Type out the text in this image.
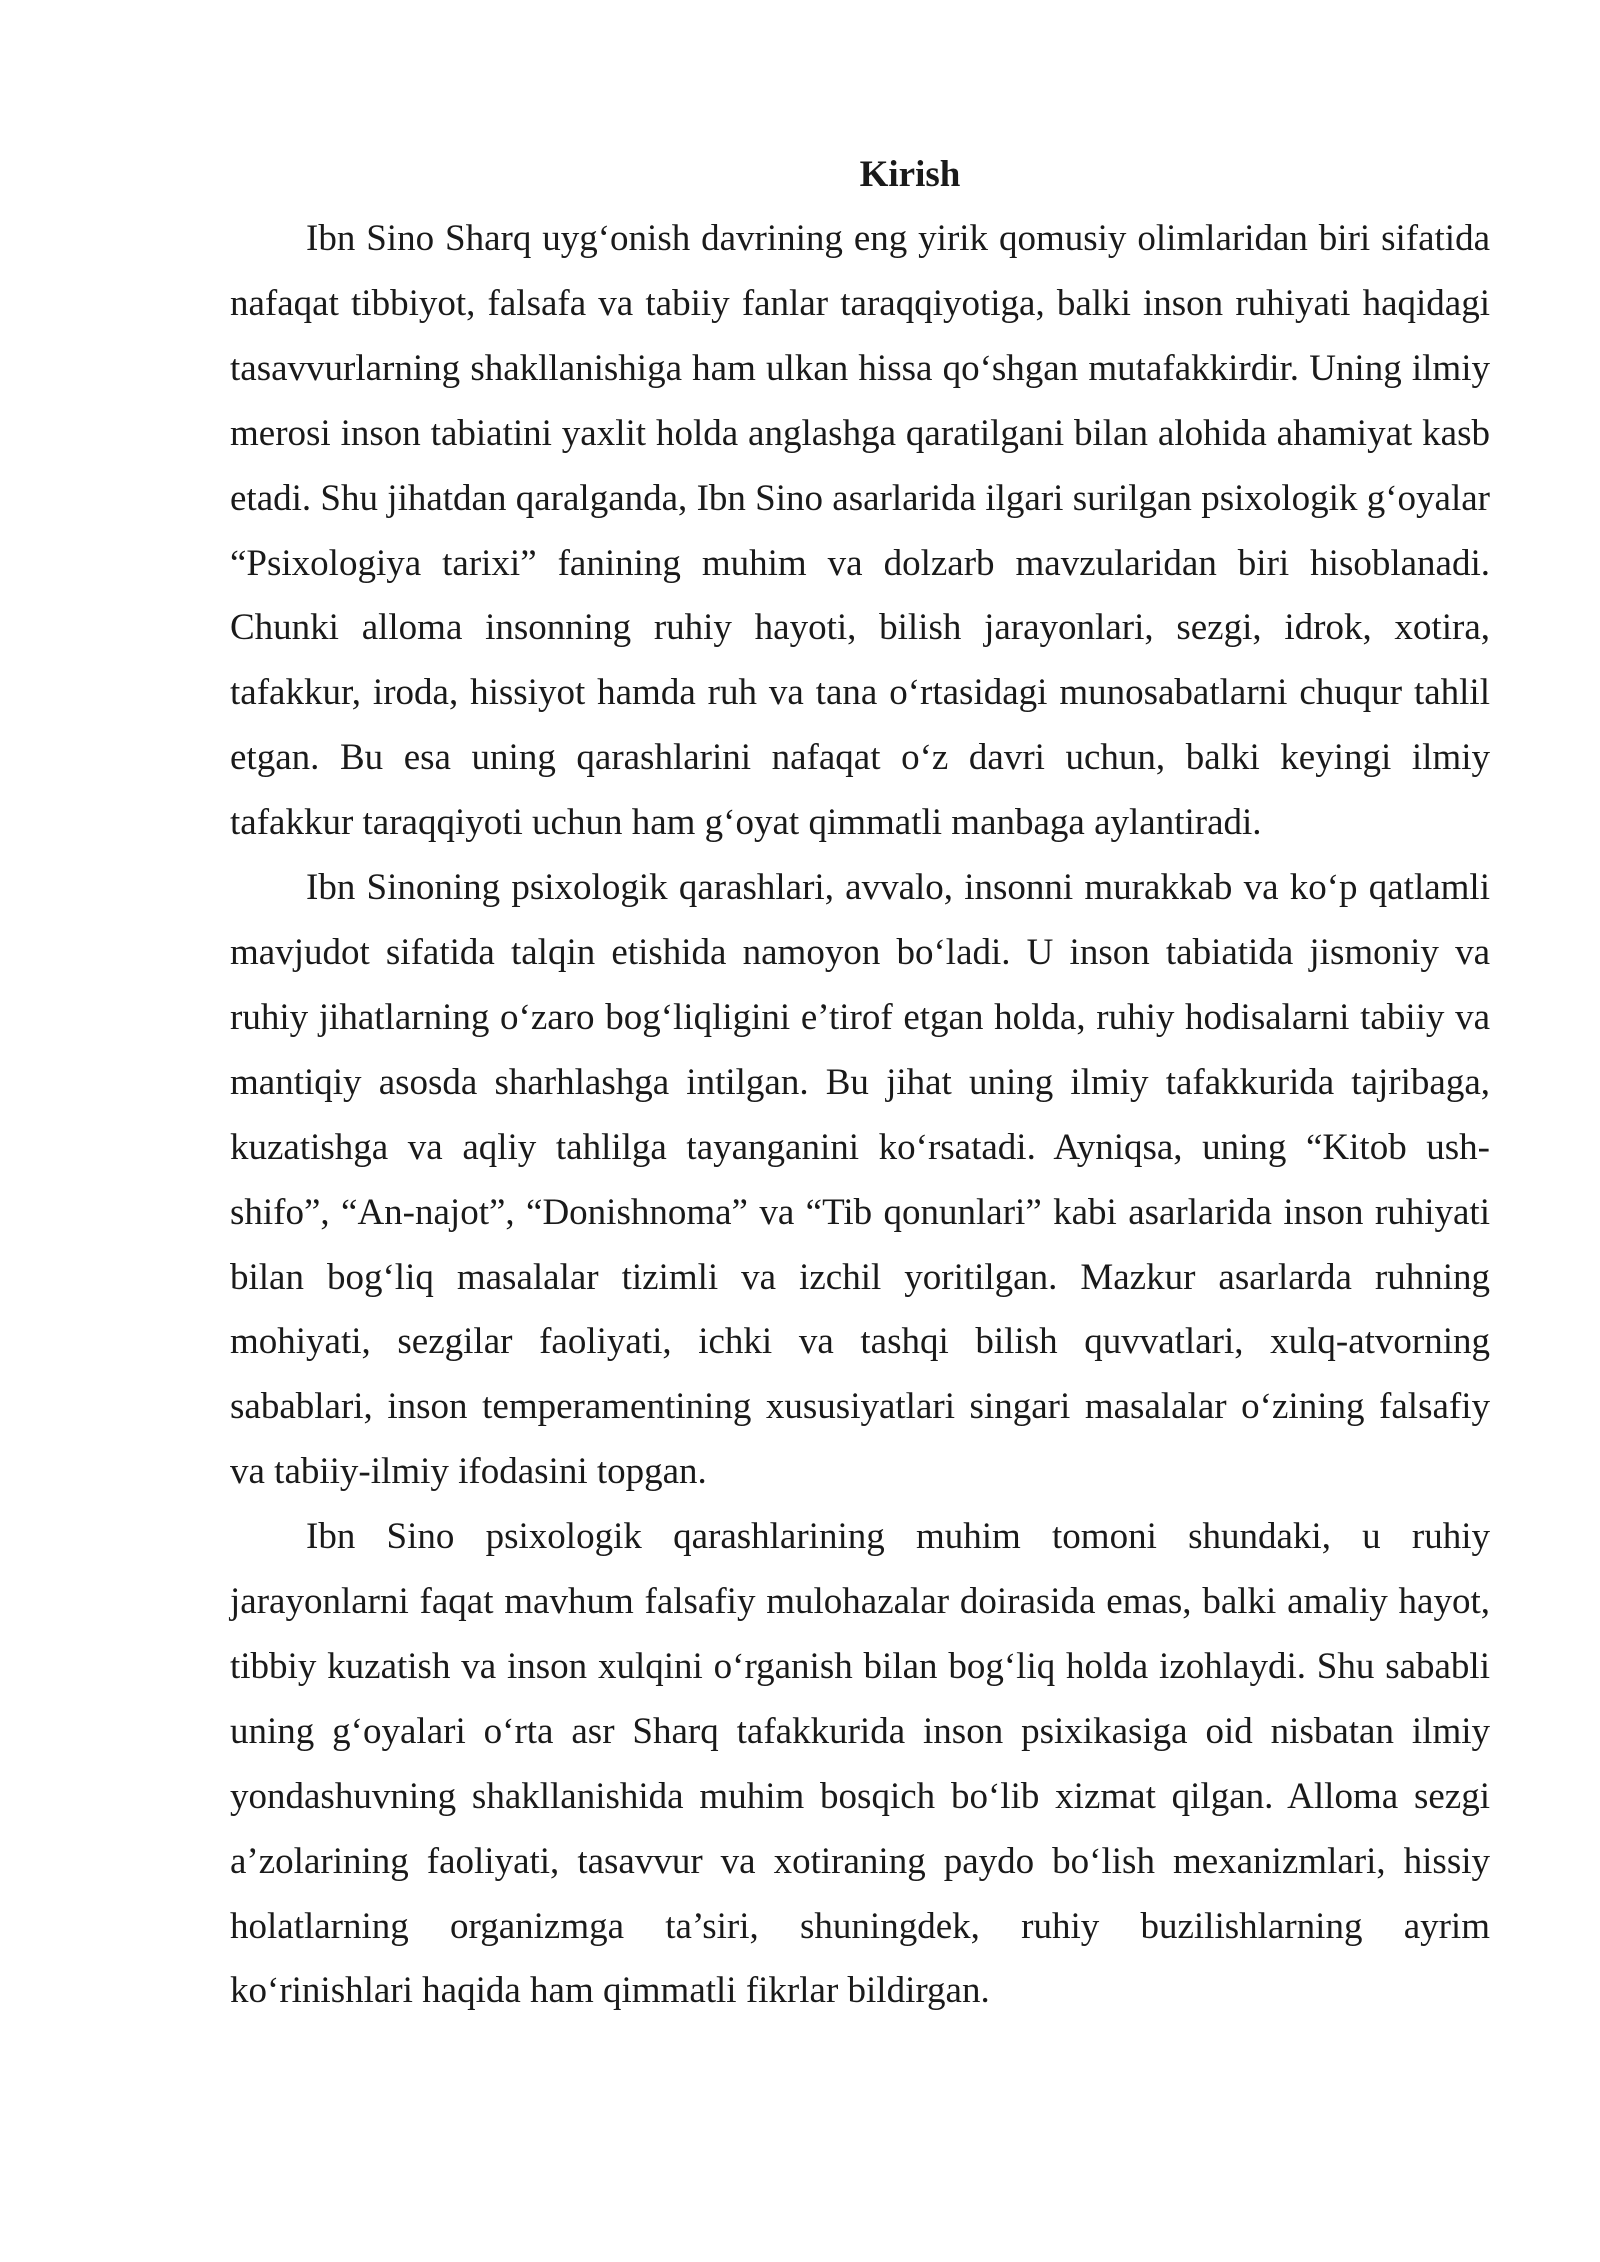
Kirish

Ibn Sino Sharq uyg‘onish davrining eng yirik qomusiy olimlaridan biri sifatida nafaqat tibbiyot, falsafa va tabiiy fanlar taraqqiyotiga, balki inson ruhiyati haqidagi tasavvurlarning shakllanishiga ham ulkan hissa qo‘shgan mutafakkirdir. Uning ilmiy merosi inson tabiatini yaxlit holda anglashga qaratilgani bilan alohida ahamiyat kasb etadi. Shu jihatdan qaralganda, Ibn Sino asarlarida ilgari surilgan psixologik g‘oyalar “Psixologiya tarixi” fanining muhim va dolzarb mavzularidan biri hisoblanadi. Chunki alloma insonning ruhiy hayoti, bilish jarayonlari, sezgi, idrok, xotira, tafakkur, iroda, hissiyot hamda ruh va tana o‘rtasidagi munosabatlarni chuqur tahlil etgan. Bu esa uning qarashlarini nafaqat o‘z davri uchun, balki keyingi ilmiy tafakkur taraqqiyoti uchun ham g‘oyat qimmatli manbaga aylantiradi.

Ibn Sinoning psixologik qarashlari, avvalo, insonni murakkab va ko‘p qatlamli mavjudot sifatida talqin etishida namoyon bo‘ladi. U inson tabiatida jismoniy va ruhiy jihatlarning o‘zaro bog‘liqligini e’tirof etgan holda, ruhiy hodisalarni tabiiy va mantiqiy asosda sharhlashga intilgan. Bu jihat uning ilmiy tafakkurida tajribaga, kuzatishga va aqliy tahlilga tayanganini ko‘rsatadi. Ayniqsa, uning “Kitob ush-shifo”, “An-najot”, “Donishnoma” va “Tib qonunlari” kabi asarlarida inson ruhiyati bilan bog‘liq masalalar tizimli va izchil yoritilgan. Mazkur asarlarda ruhning mohiyati, sezgilar faoliyati, ichki va tashqi bilish quvvatlari, xulq-atvorning sabablari, inson temperamentining xususiyatlari singari masalalar o‘zining falsafiy va tabiiy-ilmiy ifodasini topgan.

Ibn Sino psixologik qarashlarining muhim tomoni shundaki, u ruhiy jarayonlarni faqat mavhum falsafiy mulohazalar doirasida emas, balki amaliy hayot, tibbiy kuzatish va inson xulqini o‘rganish bilan bog‘liq holda izohlaydi. Shu sababli uning g‘oyalari o‘rta asr Sharq tafakkurida inson psixikasiga oid nisbatan ilmiy yondashuvning shakllanishida muhim bosqich bo‘lib xizmat qilgan. Alloma sezgi a’zolarining faoliyati, tasavvur va xotiraning paydo bo‘lish mexanizmlari, hissiy holatlarning organizmga ta’siri, shuningdek, ruhiy buzilishlarning ayrim ko‘rinishlari haqida ham qimmatli fikrlar bildirgan.
